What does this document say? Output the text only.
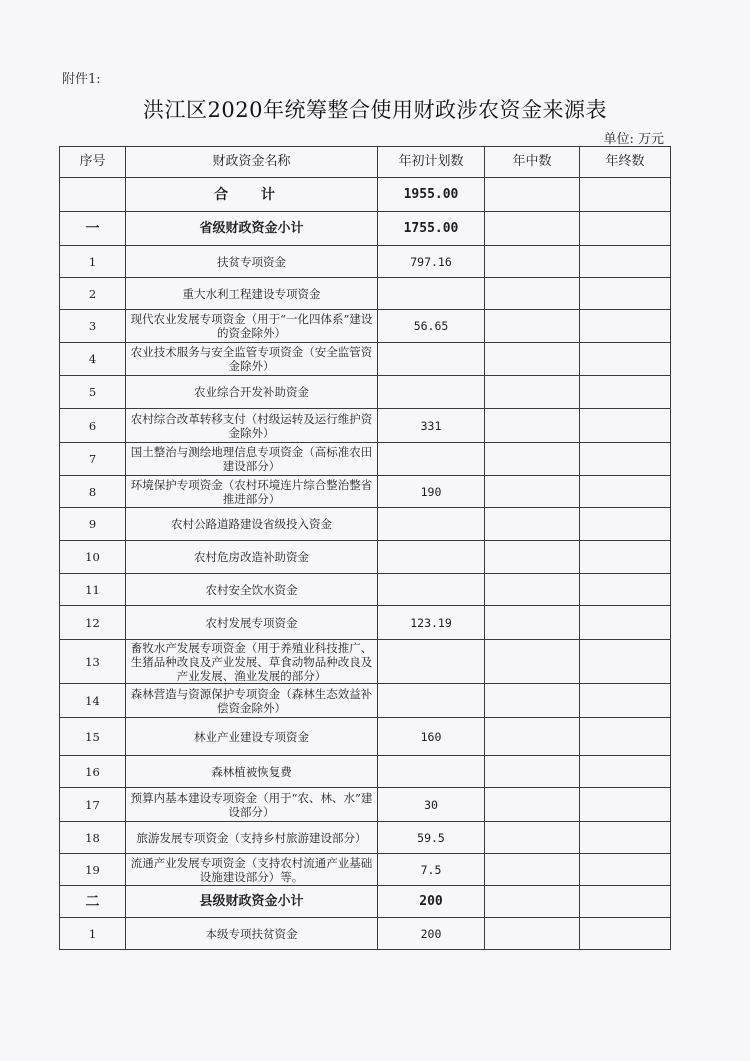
附件1:
洪江区2020年统筹整合使用财政涉农资金来源表
单位: 万元
序号	财政资金名称	年初计划数	年中数	年终数
	合 计	1955.00		
一	省级财政资金小计	1755.00		
1	扶贫专项资金	797.16		
2	重大水利工程建设专项资金			
3	现代农业发展专项资金（用于“一化四体系”建设的资金除外）	56.65		
4	农业技术服务与安全监管专项资金（安全监管资金除外）			
5	农业综合开发补助资金			
6	农村综合改革转移支付（村级运转及运行维护资金除外）	331		
7	国土整治与测绘地理信息专项资金（高标准农田建设部分）			
8	环境保护专项资金（农村环境连片综合整治整省推进部分）	190		
9	农村公路道路建设省级投入资金			
10	农村危房改造补助资金			
11	农村安全饮水资金			
12	农村发展专项资金	123.19		
13	畜牧水产发展专项资金（用于养殖业科技推广、生猪品种改良及产业发展、草食动物品种改良及产业发展、渔业发展的部分）			
14	森林营造与资源保护专项资金（森林生态效益补偿资金除外）			
15	林业产业建设专项资金	160		
16	森林植被恢复费			
17	预算内基本建设专项资金（用于“农、林、水”建设部分）	30		
18	旅游发展专项资金（支持乡村旅游建设部分）	59.5		
19	流通产业发展专项资金（支持农村流通产业基础设施建设部分）等。	7.5		
二	县级财政资金小计	200		
1	本级专项扶贫资金	200		
